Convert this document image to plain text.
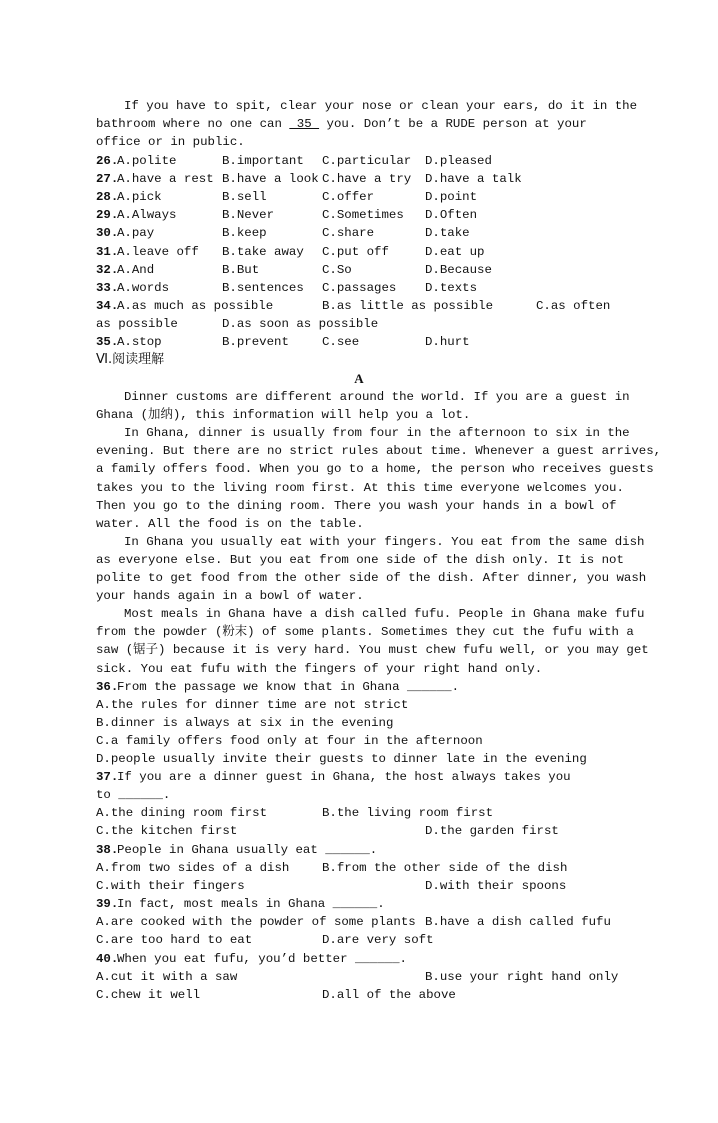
If you have to spit, clear your nose or clean your ears, do it in the
bathroom where no one can  35  you. Don’t be a RUDE person at your
office or in public.
26.
A.polite	B.important C.particular D.pleased
27.
A.have a rest B.have a look C.have a try D.have a talk
28.
A.pick	B.sell	C.offer	D.point
29.
A.Always	B.Never	C.Sometimes D.Often
30.
A.pay	B.keep	C.share	D.take
31.
A.leave off B.take away C.put off	D.eat up
32.
A.And	B.But	C.So	D.Because
33.
A.words	B.sentences C.passages D.texts
34.
A.as much as possible	B.as little as possible	C.as often
as possible	D.as soon as possible
35.
A.stop	B.prevent	C.see	D.hurt
Ⅵ.阅读理解
A
Dinner customs are different around the world. If you are a guest in
Ghana (加纳), this information will help you a lot.
In Ghana, dinner is usually from four in the afternoon to six in the
evening. But there are no strict rules about time. Whenever a guest arrives,
a family offers food. When you go to a home, the person who receives guests
takes you to the living room first. At this time everyone welcomes you.
Then you go to the dining room. There you wash your hands in a bowl of
water. All the food is on the table.
In Ghana you usually eat with your fingers. You eat from the same dish
as everyone else. But you eat from one side of the dish only. It is not
polite to get food from the other side of the dish. After dinner, you wash
your hands again in a bowl of water.
Most meals in Ghana have a dish called fufu. People in Ghana make fufu
from the powder (粉末) of some plants. Sometimes they cut the fufu with a
saw (锯子) because it is very hard. You must chew fufu well, or you may get
sick. You eat fufu with the fingers of your right hand only.
36.
From the passage we know that in Ghana ______.
A.the rules for dinner time are not strict
B.dinner is always at six in the evening
C.a family offers food only at four in the afternoon
D.people usually invite their guests to dinner late in the evening
37.
If you are a dinner guest in Ghana, the host always takes you
to ______.
A.the dining room first	B.the living room first
C.the kitchen first	D.the garden first
38.
People in Ghana usually eat ______.
A.from two sides of a dish	B.from the other side of the dish
C.with their fingers	D.with their spoons
39.
In fact, most meals in Ghana ______.
A.are cooked with the powder of some plants B.have a dish called fufu
C.are too hard to eat	D.are very soft
40.
When you eat fufu, you’d better ______.
A.cut it with a saw	B.use your right hand only
C.chew it well	D.all of the above
